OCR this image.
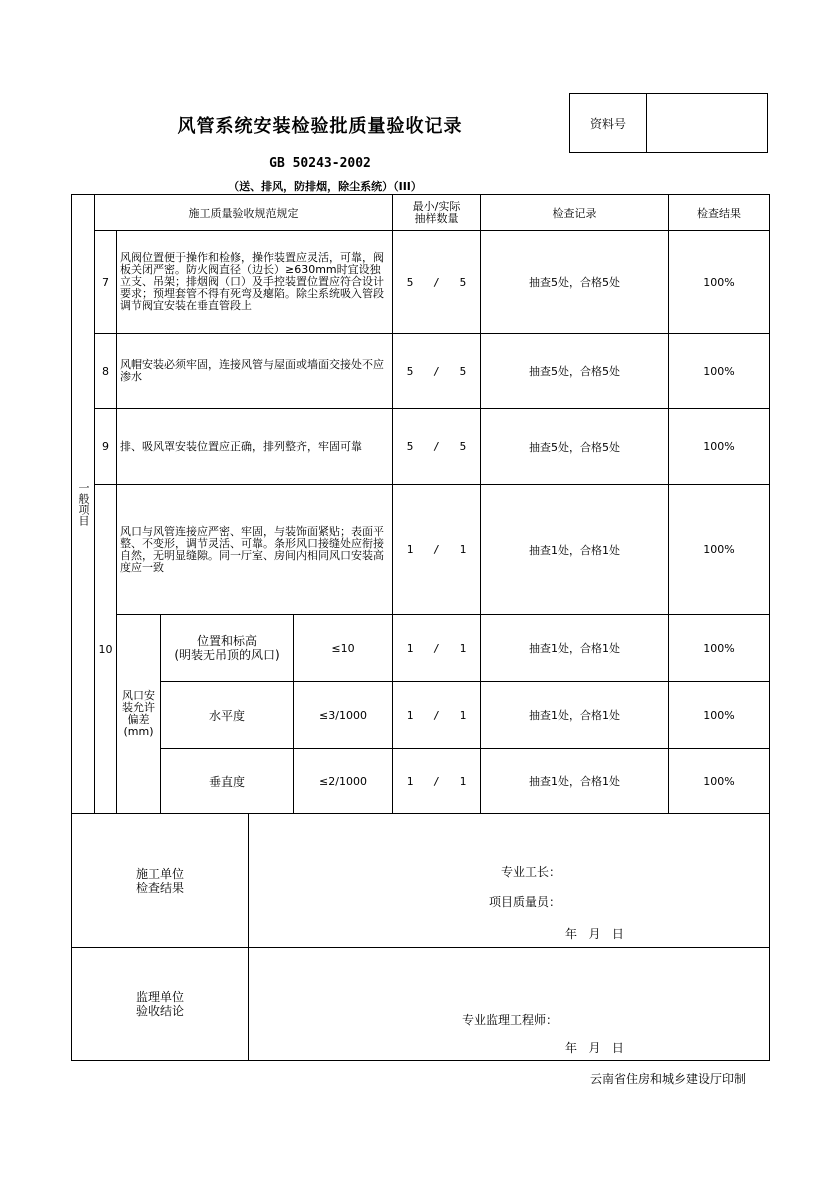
风管系统安装检验批质量验收记录	资料号
GB 50243-2002
（送、排风，防排烟，除尘系统）（III）
一般项目	施工质量验收规范规定				最小/实际
抽样数量	检查记录	检查结果
	7	风阀位置便于操作和检修，操作装置应灵活，可靠，阀板关闭严密。防火阀直径（边长）≥630mm时宜设独立支、吊架；排烟阀（口）及手控装置位置应符合设计要求；预埋套管不得有死弯及瘪陷。除尘系统吸入管段调节阀宜安装在垂直管段上			5   /   5	抽查5处，合格5处	100%
	8	风帽安装必须牢固，连接风管与屋面或墙面交接处不应渗水			5   /   5	抽查5处，合格5处	100%
	9	排、吸风罩安装位置应正确，排列整齐，牢固可靠			5   /   5	抽查5处，合格5处	100%
	10	风口与风管连接应严密、牢固，与装饰面紧贴；表面平整、不变形，调节灵活、可靠。条形风口接缝处应衔接自然，无明显缝隙。同一厅室、房间内相同风口安装高度应一致			1   /   1	抽查1处，合格1处	100%
		风口安装允许偏差(mm)	位置和标高
(明装无吊顶的风口)	≤10	1   /   1	抽查1处，合格1处	100%
			水平度	≤3/1000	1   /   1	抽查1处，合格1处	100%
			垂直度	≤2/1000	1   /   1	抽查1处，合格1处	100%
施工单位
检查结果	
监理单位
验收结论	
专业工长：
项目质量员：
年   月   日
专业监理工程师：
年   月   日
云南省住房和城乡建设厅印制
